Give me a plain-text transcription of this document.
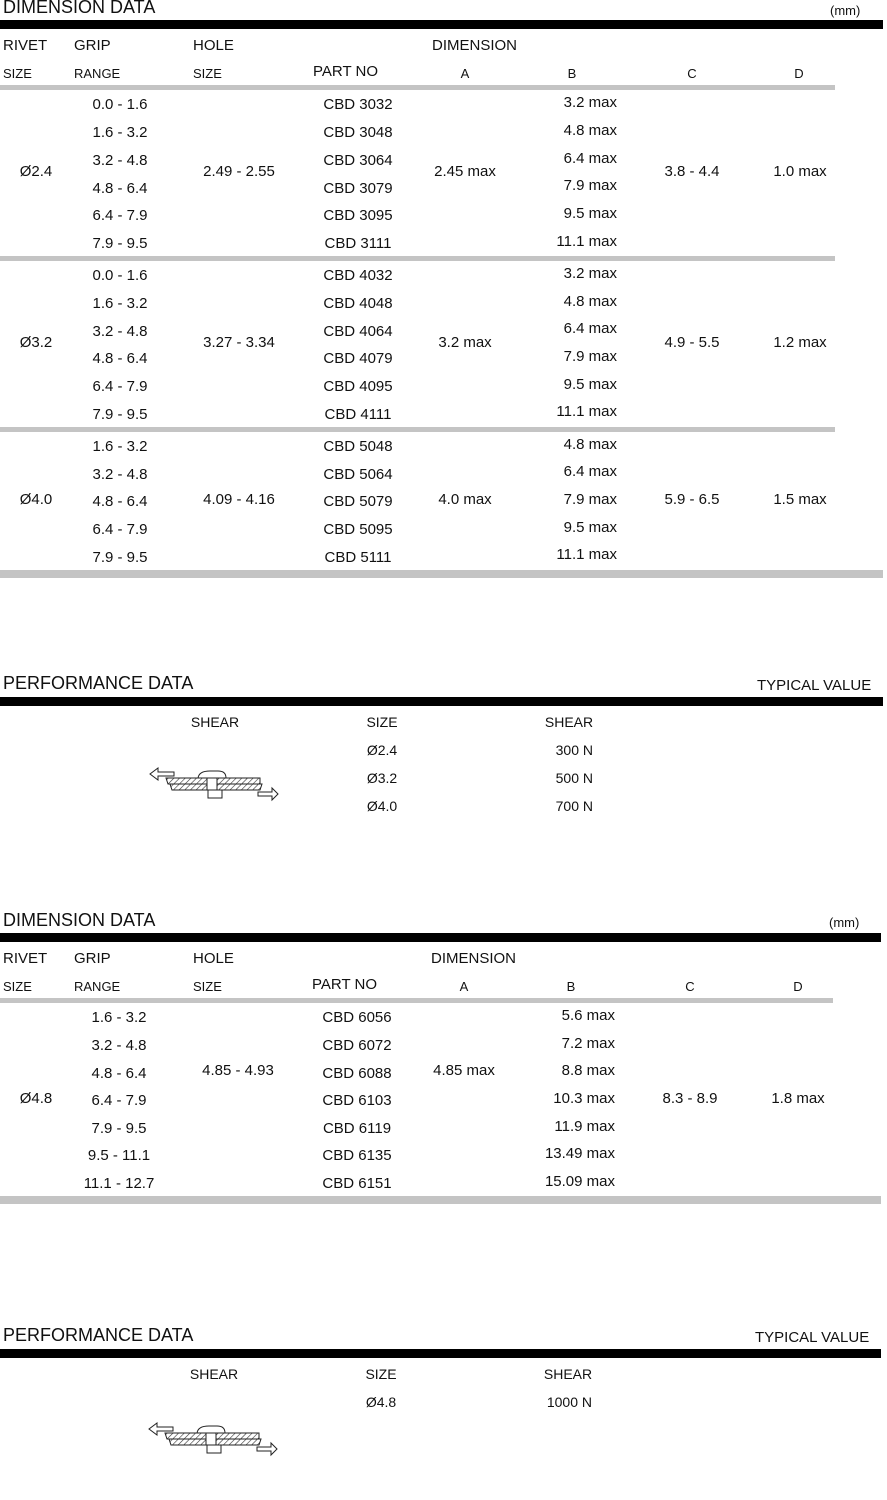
DIMENSION DATA	(mm)
RIVET GRIP	HOLE	DIMENSION
SIZE	RANGE	SIZE	PART NO	A	B	C	D
Ø2.4	2.49 - 2.55	2.45 max	3.8 - 4.4	1.0 max
0.0 - 1.6	CBD 3032	3.2 max
1.6 - 3.2	CBD 3048	4.8 max
3.2 - 4.8	CBD 3064	6.4 max
4.8 - 6.4	CBD 3079	7.9 max
6.4 - 7.9	CBD 3095	9.5 max
7.9 - 9.5	CBD 3111	11.1 max
Ø3.2	3.27 - 3.34	3.2 max	4.9 - 5.5	1.2 max
0.0 - 1.6	CBD 4032	3.2 max
1.6 - 3.2	CBD 4048	4.8 max
3.2 - 4.8	CBD 4064	6.4 max
4.8 - 6.4	CBD 4079	7.9 max
6.4 - 7.9	CBD 4095	9.5 max
7.9 - 9.5	CBD 4111	11.1 max
Ø4.0	4.09 - 4.16	4.0 max	5.9 - 6.5	1.5 max
1.6 - 3.2	CBD 5048	4.8 max
3.2 - 4.8	CBD 5064	6.4 max
4.8 - 6.4	CBD 5079	7.9 max
6.4 - 7.9	CBD 5095	9.5 max
7.9 - 9.5	CBD 5111	11.1 max
PERFORMANCE DATA	TYPICAL VALUE
SHEAR	SIZE	SHEAR
Ø2.4	300 N
Ø3.2	500 N
Ø4.0	700 N
DIMENSION DATA	(mm)
RIVET GRIP	HOLE	DIMENSION
SIZE	RANGE	SIZE	PART NO	A	B	C	D
Ø4.8
4.85 - 4.93	4.85 max
8.3 - 8.9	1.8 max
1.6 - 3.2	CBD 6056	5.6 max
3.2 - 4.8	CBD 6072	7.2 max
4.8 - 6.4	CBD 6088	8.8 max
6.4 - 7.9	CBD 6103	10.3 max
7.9 - 9.5	CBD 6119	11.9 max
9.5 - 11.1	CBD 6135	13.49 max
11.1 - 12.7	CBD 6151	15.09 max
PERFORMANCE DATA	TYPICAL VALUE
SHEAR	SIZE	SHEAR
Ø4.8	1000 N
